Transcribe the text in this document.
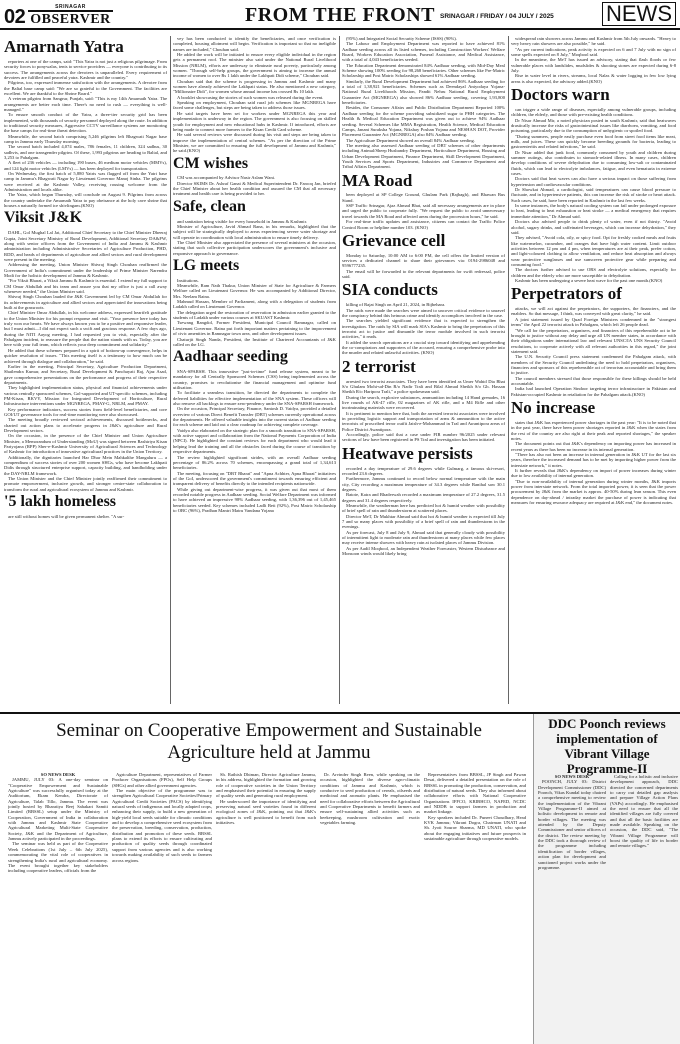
02	SRINAGAR
OBSERVER	FROM THE FRONT SRINAGAR / FRIDAY / 04 JULY / 2025 NEWS
Amarnath Yatra

reporters at one of the camps, said: "This Yatra is not just a religious pilgrimage. From security forces to ponywalas, tents to service providers — everyone is contributing to its success. The arrangements across the devotees is unparalleled. Every requirement of devotees are fulfilled and peaceful yatra. Kashmir and the country."

Pilgrims, too, expressed immense satisfaction with the arrangements. A devotee from the Baltal base camp said: "We are so grateful to the Government. The facilities are excellent. We are thankful to the Shrine Board."

A veteran pilgrim from Sangrur, Punjab, said: "This is my 14th Amarnath Yatra. The arrangements are better each time. There's no need to rush — everything is well-managed."

To ensure smooth conduct of the Yatra, a three-tier security grid has been implemented, with thousands of security personnel deployed along the route. In addition to traditional security measures, Aggressive CCTV surveillance systems are monitoring the base camps for real-time threat detection.

Meanwhile, the second batch comprising 5,246 pilgrims left Bhagwati Nagar base camp in Jammu early Thursday morning.

The second batch included 4,074 males, 786 females, 11 children, 324 sadhus, 30 sadhvis, and one transgender pilgrim. Of these, 1,993 pilgrims are heading to Baltal, and 3,253 to Pahalgam.

A fleet of 236 vehicles — including 190 buses, 46 medium motor vehicles (MMVs), and 124 light motor vehicles (LMVs) — has been deployed for transportation.

On Wednesday, the first batch of 5,880 Yatris was flagged off from the Yatri base camp in Jammu's Bhagwati Nagar by Lieutenant Governor Manoj Sinha. The pilgrims were received at the Kashmir Valley, receiving rousing welcome from the Administration and locals alike.

The Yatra, which began Thursday, will conclude on August 9. Pilgrims from across the country undertake the Amarnath Yatra to pay obeisance at the holy cave shrine that houses a naturally formed ice shivlingam.(KNO)

Viksit J&K

DAHL, Gol Mughal Lal Jat, Additional Chief Secretary to the Chief Minister Dheeraj Gupta, Joint Secretary Ministry of Rural Development, Additional Secretary DA&FW, along with senior officers from the Government of India and Jammu & Kashmir administration including Administrative Secretaries of Agriculture Production, PHD, RDD, and heads of departments of agriculture and allied sectors and rural development were present in the meeting.

Addressing the meeting, Union Minister Shivraj Singh Chouhan reaffirmed the Government of India's commitment under the leadership of Prime Minister Narendra Modi for the holistic development of Jammu & Kashmir.

"For Viksit Bharat, a Viksit Jammu & Kashmir is essential. I extend my full support to CM Omar Abdullah and his team and assure you that my office is just a call away whenever needed," the Union Minister said.

Shivraj Singh Chouhan lauded the J&K Government led by CM Omar Abdullah for its achievements in agriculture and allied sectors and appreciated the innovations being built at the grassroots.

Chief Minister Omar Abdullah, in his welcome address, expressed heartfelt gratitude to the Union Minister for his prompt response and visit. "Your presence here today has truly won our hearts. We have always known you to be a positive and responsive leader, but I must admit—I did not expect such a swift and gracious response. A few days ago, during the NITI Aayog meeting, I had requested you to visit, especially after the Pahalgam incident, to reassure the people that the nation stands with us. Today, you are here with your full team, which reflects your deep commitment and solidarity."

He added that these schemes prepared in a spirit of bottom-up convergence, helps in quicker resolution of issues. "This meeting itself is a testimony to how much can be achieved through dialogue and collaboration," he said.

Earlier in the meeting, Principal Secretary, Agriculture Production Department, Shailendra Kumar, and Secretary, Rural Development & Panchayati Raj, Ajaz Asad, gave comprehensive presentations on the performance and progress of their respective departments.

They highlighted implementation status, physical and financial achievements under various centrally sponsored schemes, Gol-supported and UT-specific schemes, including PM-Kisan, RKVY, Mission for Integrated Development of Horticulture, Rural Infrastructure interventions under MGNREGA, PMAY-G, NRLM, and PMAY.

Key performance indicators, success stories from field-level beneficiaries, and core GOI/UT governance tools for real-time monitoring were also showcased.

The meeting broadly reviewed sectoral achievements, discussed bottlenecks, and charted out action plans to accelerate progress in J&K's agriculture and Rural Development sectors.

On the occasion, in the presence of the Chief Minister and Union Agriculture Minister, a Memorandum of Understanding (MoU) was signed between Rashtriya Kisan Pariyojana (RPP) Sher-e-Kashmir University of Agricultural Sciences and Technology of Kashmir for introduction of innovative agricultural practices in the Union Territory.

Additionally, the dignitaries launched Har Dhar Mein Mahkalthe Mangaluru — a compendium of success stories of over 200 women SHGs, who have become Lakhpati Didis through structured enterprise support, capacity building, and handholding under the DAY-NRLM framework.

The Union Minister and the Chief Minister jointly reaffirmed their commitment to promote empowerment, inclusive growth, and stronger centre-state collaboration to transform the rural and agricultural ecosystem of Jammu and Kashmir.

'5 lakh homeless

are still without homes will be given permanent shelter. "A sur-

vey has been conducted to identify the beneficiaries, and once verification is completed, housing allotment will begin. Verification is important so that no ineligible names are included," Chouhan said.

He added the work will be initiated to ensure every eligible individual in the region gets a permanent roof. The minister also said under the National Rural Livelihood Mission (NRLM), efforts are underway to eliminate rural poverty, particularly among women. "Through self-help groups, the government is aiming to increase the annual income of women to over Rs 1 lakh under the Lakhpati Didi scheme," Chouhan said.

Chouhan said that the scheme is progressing in Jammu and Kashmir and many women have already achieved the Lakhpati status. He also mentioned a new category, "Millionaire Didi", for women whose annual income has crossed Rs 10 lakh.

A booklet showcasing the stories of such women was released during the event.

Speaking on employment, Chouhan said rural job schemes like MGNREGA have faced some challenges, but steps are being taken to address those issues.

He said targets have been set for workers under MGNREGA this year and implementation is underway in the region. The government is also focusing on skilled youth for employment and new educational hubs in Kashmir. If introduced, efforts are being made to connect more farmers to the Kisan Credit Card scheme.

He said several reviews were discussed during his visit and steps are being taken to improve the implementation of central schemes. "As per the direction of the Prime Minister, we are committed to ensuring the full development of Jammu and Kashmir," he said.(KNO)

CM wishes

CM was accompanied by Advisor Nasir Aslam Wani.

Director SKIMS Dr. Ashraf Ganai & Medical Superintendent Dr. Farooq Jan, briefed the Chief Minister about her health condition and assured the CM that all necessary treatment and health care is being provided to her.

Safe, clean

and sanitation being visible for every household in Jammu & Kashmir.

Minister of Agriculture, Javid Ahmad Rana, in his remarks, highlighted that the subject will be strategically deployed to areas experiencing severe water shortage and will operate in coordination with local administration to ensure timely delivery.

The Chief Minister also appreciated the presence of several ministers at the occasion, stating that such collective participation underscores the government's inclusive and responsive approach to governance.

LG meets

Institutions.

Meanwhile, Ram Nath Thakur, Union Minister of State for Agriculture & Farmers Welfare called on Lieutenant Governor. He was accompanied by Additional Director, Mrs. Neelam Raina.

Mahmud Hassan, Member of Parliament, along with a delegation of students from Ladakh called on Lieutenant Governor.

The delegation urged the restoration of reservation in admission earlier granted to the students of Ladakh under various courses at SKUAST Kashmir.

Tsewang Rangdol, Former President, Municipal Council Ramnagar, called on Lieutenant Governor. Raina put forth important matters pertaining to the improvement of civic amenities in Ramnagar town area, and other development issues.

Chaturjit Singh Nanda, President, the Institute of Chartered Accountants of J&K called on the LG.

Aadhaar seeding

SNA-SPARSH. This innovative "just-in-time" fund release system, meant to be mandatory for all Centrally Sponsored Schemes (CSS) being implemented across the country, promises to revolutionise the financial management and optimise fund utilisation.

To facilitate a seamless transition, he directed the departments to complete the deferred liabilities for effective implementation of the SNA system. These officers will also remove all backlogs to ensure zero-pendency under the SNA-SPARSH framework.

On the occasion, Principal Secretary, Finance, Santosh D. Vaidya, provided a detailed overview of various Direct Benefit Transfer (DBT) schemes currently operational across the departments. He offered valuable insights into the current status of Aadhaar seeding for each scheme and laid out a clear roadmap for achieving complete coverage.

Vaidya also elaborated on the strategic plan for a smooth transition to SNA-SPARSH, with active support and collaboration from the National Payments Corporation of India (NPCI). He highlighted the constant reviews for each department who would lead it helping lead the training and all the obstacles faced during the course of transition by respective departments.

The review highlighted significant strides, with an overall Aadhaar seeding percentage of 86.2% across 70 schemes, encompassing a grand total of 1,34,613 beneficiaries.

The meeting, focusing on "DBT Bharat" and "Apna Achhter, Apna Bharat" initiatives of the GoI, underscored the government's commitment towards ensuring efficient and transparent delivery of benefits directly to the intended recipients nationwide.

While giving out department-wise progress, it was given out that most of them recorded notable progress in Aadhaar seeding. Social Welfare Department was informed to have achieved an impressive 98% Aadhaar seeding, with 1,36,396 out of 1,45,465 beneficiaries seeded. Key schemes included Ladli Beti (92%), Post Matric Scholarship to OBC (96%), Pradhan Mantri Matru Vandana Yojana

(95%) and Integrated Social Security Scheme (ISSS) (90%).

The Labour and Employment Department was reported to have achieved 81% Aadhaar seeding across all its listed schemes, including Construction Workers' Welfare Board, Workers Education Association, Funeral Assistance, and Medical Assistance, with a total of 4,043 beneficiaries seeded.

The Education Department demonstrated 84% Aadhaar seeding, with Mid-Day Meal Scheme showing 100% seeding for 98,268 beneficiaries. Other schemes like Pre-Matric Scholarship and Post Matric Scholarships showed 61% Aadhaar seeding.

Similarly, the Rural Development Department had achieved 86% Aadhaar seeding for a total of 1,38,921 beneficiaries. Schemes such as Deendayal Antyodaya Yojana-National Rural Livelihoods Mission, Pandit Nehru National Rural Employment Guarantee Act (MGNREGA) also showed 86% Aadhaar seeding, covering 1,93,800 beneficiaries.

Besides, the Consumer Affairs and Public Distribution Department Reported 100% Aadhaar seeding for the scheme providing subsidized sugar to PHH categories. The Health & Medical Education Department was given out to achieve 94% Aadhaar seeding. Several Schemes like MMA Registration, Health Science, Medical Education Camps, Janani Suraksha Yojana, Nikshay Poshan Yojana and NESHAN DOT, Provider Placement Guarantee Act (MGNREGA) also 84% Aadhaar seeding.

The Agriculture Department showed an overall 84% Aadhaar seeding.

The meeting also assessed Aadhaar seeding of DBT schemes of other departments including Animal/Sheep Husbandry Department, Horticulture Department, Housing and Urban Development Department, Finance Department, Skill Development Department, Youth Services and Sports Department, Industries and Commerce Department and Tribal Affairs Department.

MA Road

been deployed at SP College Ground, Ghulam Park (Rajbagh), and Bhawan Bus Stand.

SSP Traffic Srinagar, Ajaz Ahmad Bhat, said all necessary arrangements are in place and urged the public to cooperate fully. "We request the public to avoid unnecessary travel towards the MA Road and affected areas during the procession hours," he said.

For real-time traffic updates and assistance, citizens can contact the Traffic Police Control Room or helpline number 103. (KNO)

Grievance cell

Monday to Saturday, 10:00 AM to 6:00 PM, the cell offers the limited version of services a dedicated channel to share their grievances via: 0194-2986048 and 9596777235.

The email will be forwarded to the relevant departments for swift redressal, police said.

SIA conducts

killing of Rajat Singh on April 21, 2024, in Bijbehara.

The raids were made the searches were aimed to uncover critical evidence to unravel the conspiracy behind this heinous crime and identify accomplices involved in the case.

The searches yielded significant evidence that is expected to strengthen the investigation. The raids by SIA will mark SIA's Kashmir to bring the perpetrators of this terrorist act to justice and dismantle the terror module involved in such terrorist activities," it reads.

It added the search operations are a crucial step toward identifying and apprehending the co-conspirators and supporters of the accused, ensuring a comprehensive probe into the murder and related unlawful activities. (KNO)

2 terrorist

arrested two terrorist associates. They have been identified as Umer Wahid Dia Bhat S/o Ghulam Mohi-ud-Din R/o Nadir Trali and Bilal Ahmad Sheikh S/o Gh. Hassan Sheikh R/o Haripora Trali," a police spokesman said.

During the search, explosive substances, ammunition including 14 Hand grenades, 16 live rounds of AK-47 rifle, 02 magazines of AK rifle, and a M4 Rifle and other incriminating materials were recovered.

It is pertinent to mention here that, both the arrested terrorist associates were involved in providing logistic support and transportation of arms & ammunition to the active terrorists of proscribed terror outfit Jaish-e-Mohammad in Tral and Awantipora areas of Police District Awantipora.

Accordingly, police said that a case under FIR number 96/2025 under relevant sections of law have been registered in PS Tral and investigation has been initiated.

Heatwave persists

recorded a day temperature of 29.6 degrees while Gulmarg, a famous ski-resort, recorded 23.6 degrees.

Furthermore, Jammu continued to record below normal temperature with the main city, City recording a maximum temperature of 34.3 degrees while Banihal saw 30.1 degrees.

Batote, Katra and Bhaderwah recorded a maximum temperature of 27.2 degrees, 31.5 degrees and 31.4 degrees respectively.

Meanwhile, the weatherman here has predicted hot & humid weather with possibility of brief spell of rain and thunderstorm at scattered places.

Director MeT, Dr Mukhtar Ahmad said that hot & humid weather is expected till July 7 and so many places with possibility of a brief spell of rain and thunderstorm in the evenings.

As per forecast, July 8 and July 9, Ahmad said that generally cloudy with possibility of intermittent light to moderate rain and thunderstorm at many places while few places may receive intense showers with heavy rain at isolated places of Jammu Division.

As per Aadil Moqbool, an Independent Weather Forecaster, Western Disturbance and Monsoon winds would likely bring

widespread rain showers across Jammu and Kashmir from 5th July onwards. "Heavy to very heavy rain showers are also possible," he said.

"As per current indications, peak activity is expected on 6 and 7 July with no sign of some spells expected on 8 July," Moqbool said.

In the meantime, the MeT has issued an advisory, stating that flash floods or few vulnerable places with landslides, mudslides & shooting stones are expected during 6-8 July.

Rise in water level in rivers, streams, local Nalas & water logging in few low lying areas is also expected, the advisory added.(KNO)

Doctors warn

can trigger a wide range of diseases, especially among vulnerable groups, including children, the elderly, and those with pre-existing health conditions.

Dr Nisar Ahmad Mir, a noted physician posted in south Kashmir, said that heatwaves drastically increase the risks of gastrointestinal issues like diarrhoea, vomiting, and food poisoning, particularly due to the consumption of unhygienic or spoiled food.

"During summers, people easily purchase even food from street food items like meat, milk, and juices. These can quickly become breeding grounds for bacteria, leading to gastroenteritis and related infections," he said.

Dr Nisar added that junk food, commonly consumed by youth and children during summer outings, also contributes to stomach-related illness. In many cases, children develop conditions of severe dehydration due to consuming low-salt or contaminated fluids, which can lead to electrolyte imbalances, fatigue, and even hematuria in extreme cases.

Doctors said that heat waves can also have a serious impact on those suffering from hypertension and cardiovascular conditions.

Dr Showkat Ahmad, a cardiologist, said temperatures can cause blood pressure to fluctuate, and in hypertensive patients, this can increase the risk of stroke or heart attack. Such cases, he said, have been reported in Kashmir in the last few weeks.

In some instances, the body's natural cooling system can fail under prolonged exposure to heat, leading to heat exhaustion or heat stroke — a medical emergency that requires immediate attention," Dr Ahmad said.

Doctors also advised people to drink plenty of water, even if not thirsty. "Avoid alcohol, sugary drinks, and caffeinated beverages, which can increase dehydration," they said.

They advised, "Avoid cola, oily, or spicy food. Opt for freshly cooked meals and fruits like watermelon, cucumber, and oranges that have high water content. Limit outdoor activities between 12 pm and 4 pm, when temperatures are at their peak, prefer cotton, and light-coloured clothing to allow ventilation, and reduce heat absorption and always wear protective sunglasses and use sunscreen protective gear while preparing and consuming food."

The doctors further advised to use ORS and electrolyte solutions, especially for children and the elderly who are more susceptible to dehydration.

Kashmir has been undergoing a severe heat wave for the past one month.(KNO)

Perpetrators of

attacks, we will act against the perpetrators, the supporters, the financiers, and the enablers. So that message, I think, was conveyed with great clarity," he said.

A joint statement issued by Quad Foreign Ministers condemned in the "strongest terms" the April 22 terrorist attack in Pahalgam, which left 26 people dead.

"We call for the perpetrators, organisers, and financiers of this reprehensible act to be brought to justice without any delay and urge all UN member states, in accordance with their obligations under international law and relevant UNSC/IA UNS Security Council resolutions, to cooperate actively with all relevant authorities in this regard," the joint statement said.

The U.N. Security Council press statement condemned the Pahalgam attack, with members of the Security Council underlining the need to hold perpetrators, organisers, financiers and sponsors of this reprehensible act of terrorism accountable and bring them to justice.

The council members stressed that those responsible for these killings should be held accountable.

India had launched Operation Sindoor targeting terror infrastructure in Pakistan and Pakistan-occupied Kashmir in retaliation for the Pahalgam attack.(KNO)

No increase

states that J&K has experienced power shortages in the past year: "It is to be noted that in the past year, there have been power shortages reported in J&K when the states from the rest of the country are also right at their peak and reported shortages," the speaker notes.

The document points out that J&K's dependency on importing power has increased in recent years as there has been no increase in its internal generation.

"There has also not been an increase in internal generation in J&K UT for the last six years, therefore the increased demand has to be met by importing higher power from the interstate network," it notes.

It further reveals that J&K's dependency on import of power increases during winter due to low availability of internal generation.

"Due to non-availability of internal generation during winter months, J&K imports power from interstate network. From the total imported power, it is seen that the power procurement by J&K from the market is approx. 40-50% during lean season. This even dependence on day-ahead / intraday market the purchase of power is indicating that measures for ensuring resource adequacy are required at J&K end," the document notes.

Seminar on Cooperative Empowerment and Sustainable Agriculture held at Jammu

SO NEWS DESK

JAMMU, JULY 03: A one-day seminar on "Cooperative Empowerment and Sustainable Agriculture" was successfully organised today at the Auditorium, Ekam Kendra, Directorate of Agriculture, Talab Tillo, Jammu. The event was jointly hosted by Bharatiya Beej Sahakari Samiti Limited (BBSSL) setup under the Ministry of Cooperation, Government of India in collaboration with Jammu and Kashmir State Cooperative Agricultural Marketing Multi-State Cooperative Society, J&K and the Department of Agriculture, Jammu actively participated in the proceedings.

The seminar was held as part of the Cooperative Week Celebrations (1st July – 6th July 2025), commemorating the vital role of cooperatives in strengthening India's rural and agricultural economy. The event brought together key stakeholders including cooperative leaders, officials from the

Agriculture Department, representatives of Farmer Producer Organisations (FPOs), Self Help Groups (SHGs) and other allied government agencies.

The main objective of the programme was to strengthen Agricultural Cooperative Societies/Primary Agricultural Credit Societies (PACS) by identifying natural seeds of indigenous and locally adapted crops, enhancing their supply, to build a new generation of high-yield local seeds suitable for climatic conditions and to develop a comprehensive seed ecosystem from the preservation, breeding, conservation, production, distribution and promotion of these seeds. BBSSL plans to extend its efforts to ensure cultivating and production of quality seeds through coordinated support from various agencies and is also working towards making availability of such seeds to farmers across regions.

Sh. Rathish Dhiman, Director Agriculture Jammu, in his address, highlighted the formation and growing role of cooperative societies in the Union Territory and emphasised their potential in ensuring the supply of quality seeds and generating rural employment.

He underscored the importance of identifying and preserving natural seed varieties found in different ecological zones of J&K, pointing out that J&K's agriculture is well positioned to benefit from such initiatives.

Dr. Arvinder Singh Reen, while speaking on the occasion, highlighted the diverse agro-climatic conditions of Jammu and Kashmir, which is conducive to seed production of cereals, oilseeds and medicinal and aromatic plants. He emphasised the need for collaborative efforts between the Agricultural and Cooperative Departments to benefit farmers and ensure self-sustaining allied activities such as beekeeping, mushroom cultivation and exotic vegetables farming.

Representatives from BBSSL, JP Singh and Pawan Desai, delivered a detailed presentation on the role of BBSSL in promoting the production, conservation, and distribution of natural seeds. They also informed about collaborative efforts with National Cooperative Organisations IFFCO, KRIBHCO, NAFED, NCDC and NDDB to support farmers in production and market linkage.

Key speakers included Dr. Puneet Choudhary, Head KVK Jammu; Vikrant Dogra, Chairman UNATI and Sh. Jyoti Sourav Sharma, MD UNATI, who spoke about the engaging initiatives and future prospects in sustainable agriculture through cooperative models.

DDC Poonch reviews implementation of Vibrant Village Programme-II

SO NEWS DESK

POONCH, JULY 03: District Development Commissioner (DDC) Poonch, Vikas Kundal today chaired a comprehensive meeting to review the implementation of the Vibrant Village Programme-II aimed at holistic development in remote and border villages. The meeting was attended by the Deputy Commissioner and senior officers of the district. The review meeting by the DDC took a thorough review of the programme including identification of border villages, action plan for development and sanctioned project works under the programme.

Calling for a holistic and inclusive development approach, DDC directed the concerned departments to carry out detailed gap analysis and prepare Village Action Plans (VAPs) accordingly. He emphasised the need to ensure that all the identified villages are fully covered and that all the basic facilities are made available. Speaking on the occasion, the DDC said, "The Vibrant Village Programme will boost the quality of life in border and remote villages."
